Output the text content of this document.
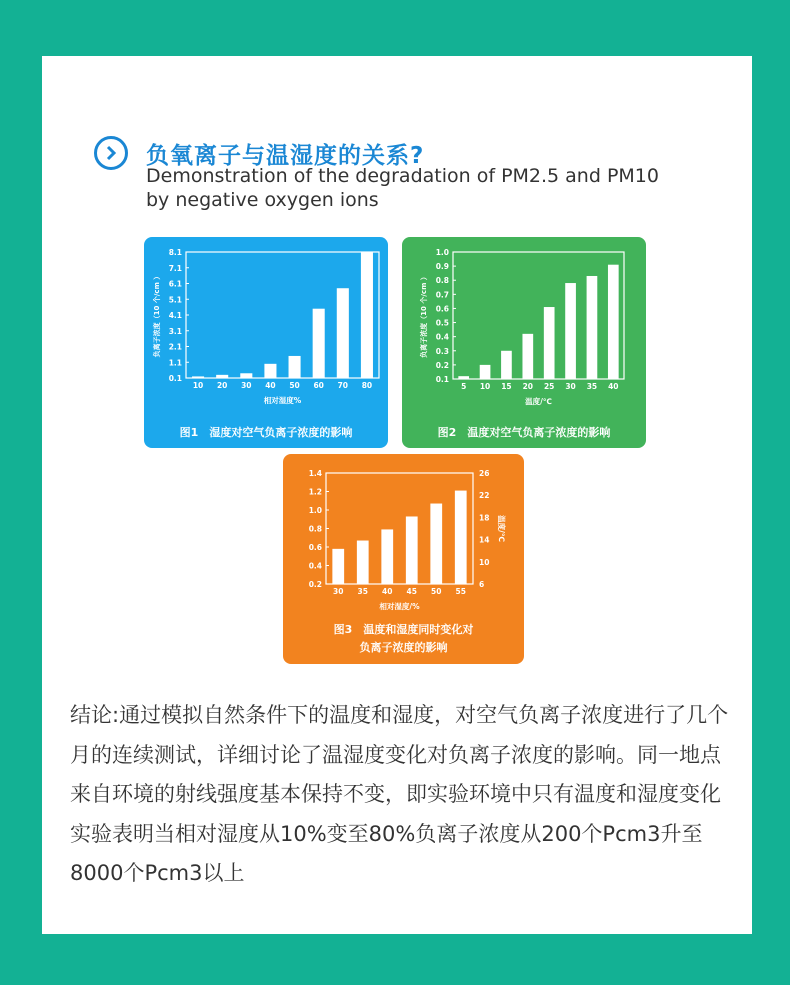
负氧离子与温湿度的关系?
Demonstration of the degradation of PM2.5 and PM10 by negative oxygen ions
0.1
1.1
2.1
3.1
4.1
5.1
6.1
7.1
8.1
10 20 30 40 50 60 70 80
相对湿度%
负离子浓度（10 个/cm ）
图1　湿度对空气负离子浓度的影响
0.1
0.2
0.3
0.4
0.5
0.6
0.7
0.8
0.9
1.0
5 10 15 20 25 30 35 40
温度/℃
负离子浓度（10 个/cm ）
图2　温度对空气负离子浓度的影响
0.2
0.4
0.6
0.8
1.0
1.2
1.4
30 35 40 45 50 55
相对湿度/%
6
10
14
18
22
26
温度/℃
图3　温度和湿度同时变化对
负离子浓度的影响
结论:通过模拟自然条件下的温度和湿度，对空气负离子浓度进行了几个月的连续测试，详细讨论了温湿度变化对负离子浓度的影响。同一地点来自环境的射线强度基本保持不变，即实验环境中只有温度和湿度变化实验表明当相对湿度从10%变至80%负离子浓度从200个Pcm3升至8000个Pcm3以上
